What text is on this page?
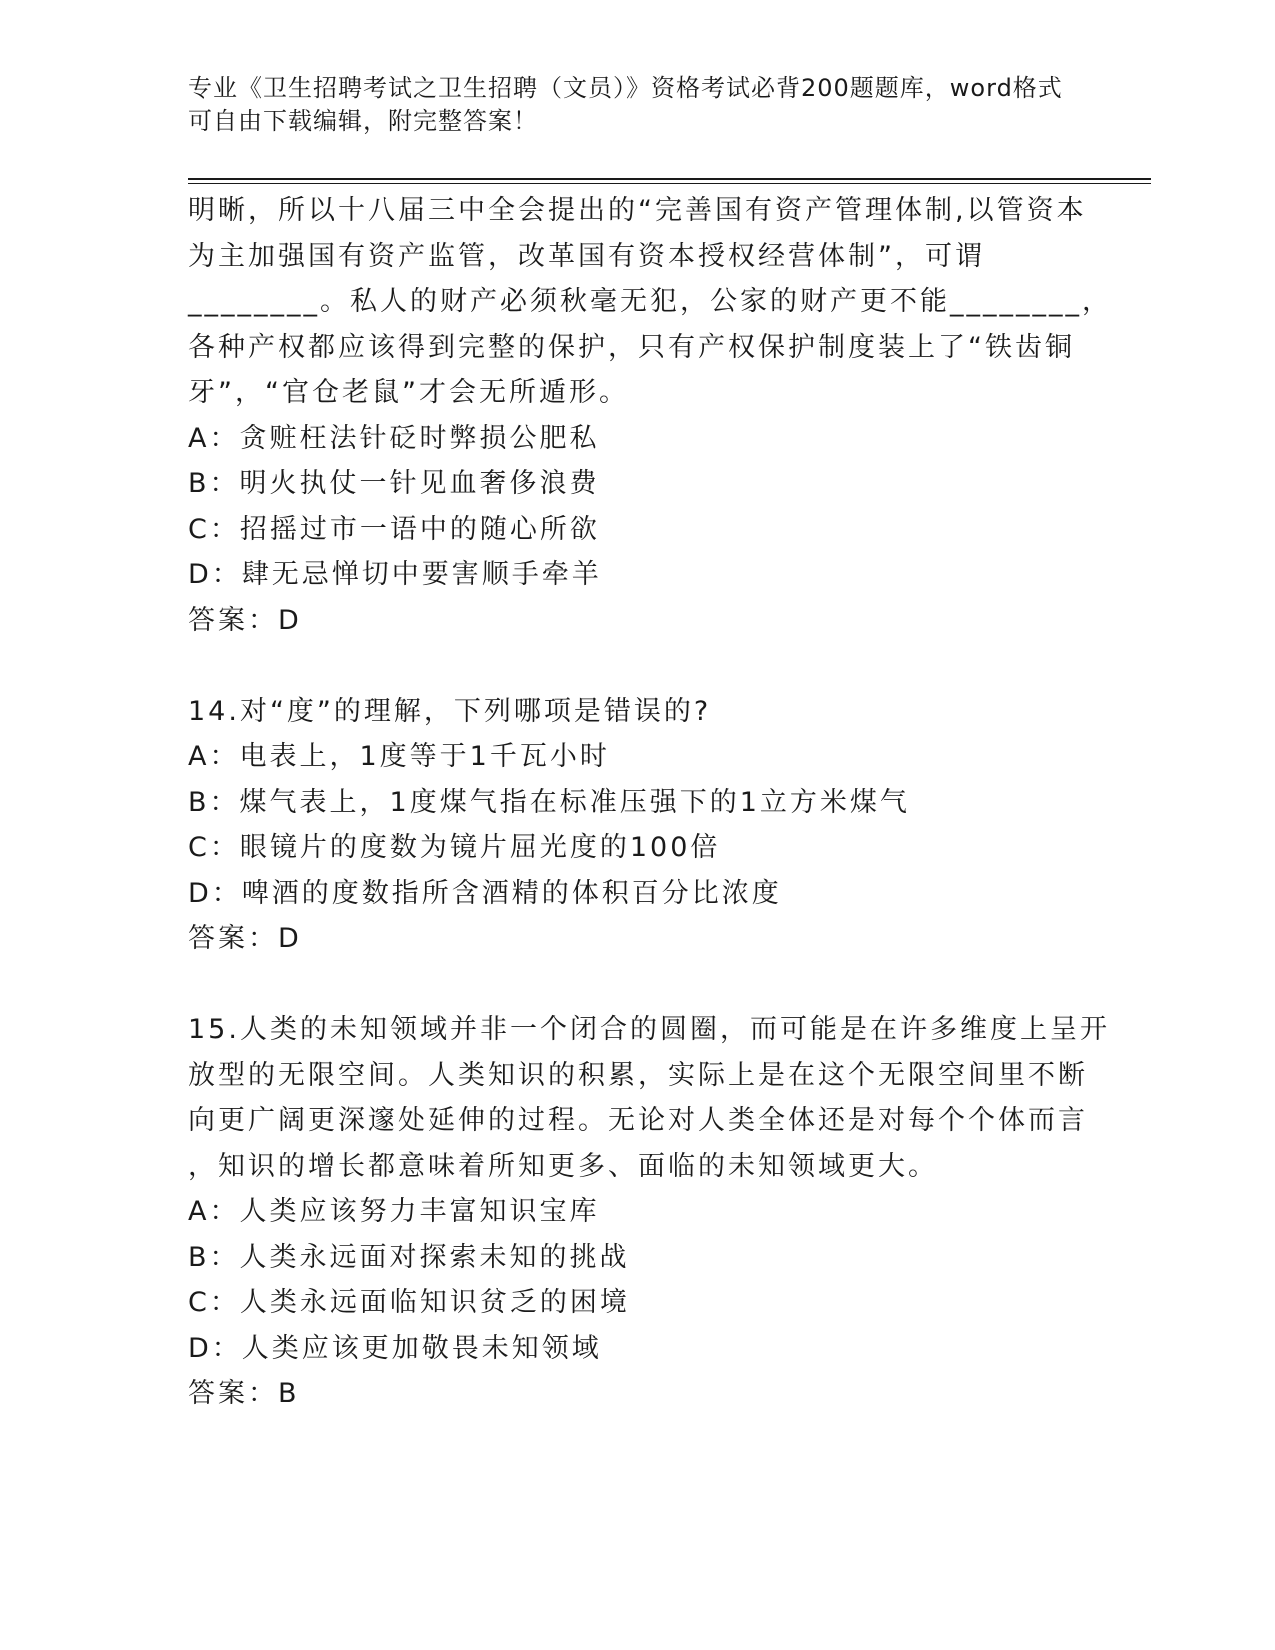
专业《卫生招聘考试之卫生招聘（文员）》资格考试必背200题题库，word格式
可自由下载编辑，附完整答案！
明晰，所以十八届三中全会提出的“完善国有资产管理体制,以管资本
为主加强国有资产监管，改革国有资本授权经营体制”，可谓
________。私人的财产必须秋毫无犯，公家的财产更不能________，
各种产权都应该得到完整的保护，只有产权保护制度装上了“铁齿铜
牙”，“官仓老鼠”才会无所遁形。
A：贪赃枉法针砭时弊损公肥私
B：明火执仗一针见血奢侈浪费
C：招摇过市一语中的随心所欲
D：肆无忌惮切中要害顺手牵羊
答案：D
14.对“度”的理解，下列哪项是错误的?
A：电表上，1度等于1千瓦小时
B：煤气表上，1度煤气指在标准压强下的1立方米煤气
C：眼镜片的度数为镜片屈光度的100倍
D：啤酒的度数指所含酒精的体积百分比浓度
答案：D
15.人类的未知领域并非一个闭合的圆圈，而可能是在许多维度上呈开
放型的无限空间。人类知识的积累，实际上是在这个无限空间里不断
向更广阔更深邃处延伸的过程。无论对人类全体还是对每个个体而言
，知识的增长都意味着所知更多、面临的未知领域更大。
A：人类应该努力丰富知识宝库
B：人类永远面对探索未知的挑战
C：人类永远面临知识贫乏的困境
D：人类应该更加敬畏未知领域
答案：B
